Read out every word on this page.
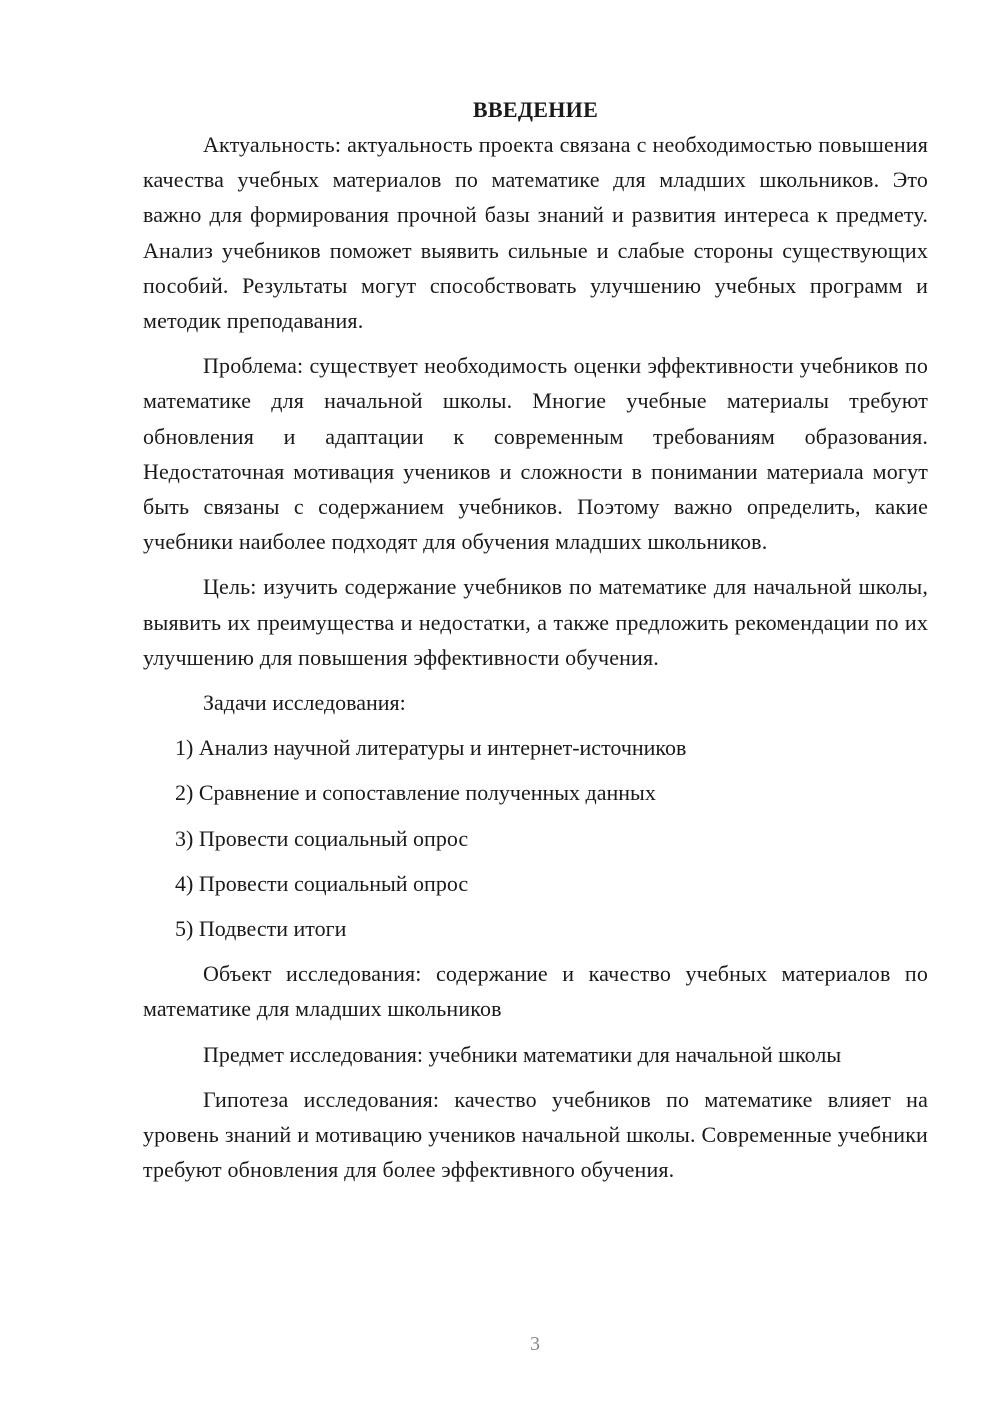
ВВЕДЕНИЕ

Актуальность: актуальность проекта связана с необходимостью повышения качества учебных материалов по математике для младших школьников. Это важно для формирования прочной базы знаний и развития интереса к предмету. Анализ учебников поможет выявить сильные и слабые стороны существующих пособий. Результаты могут способствовать улучшению учебных программ и методик преподавания.

Проблема: существует необходимость оценки эффективности учебников по математике для начальной школы. Многие учебные материалы требуют обновления и адаптации к современным требованиям образования. Недостаточная мотивация учеников и сложности в понимании материала могут быть связаны с содержанием учебников. Поэтому важно определить, какие учебники наиболее подходят для обучения младших школьников.

Цель: изучить содержание учебников по математике для начальной школы, выявить их преимущества и недостатки, а также предложить рекомендации по их улучшению для повышения эффективности обучения.

Задачи исследования:

1) Анализ научной литературы и интернет-источников
2) Сравнение и сопоставление полученных данных
3) Провести социальный опрос
4) Провести социальный опрос
5) Подвести итоги

Объект исследования: содержание и качество учебных материалов по математике для младших школьников

Предмет исследования: учебники математики для начальной школы

Гипотеза исследования: качество учебников по математике влияет на уровень знаний и мотивацию учеников начальной школы. Современные учебники требуют обновления для более эффективного обучения.

3
